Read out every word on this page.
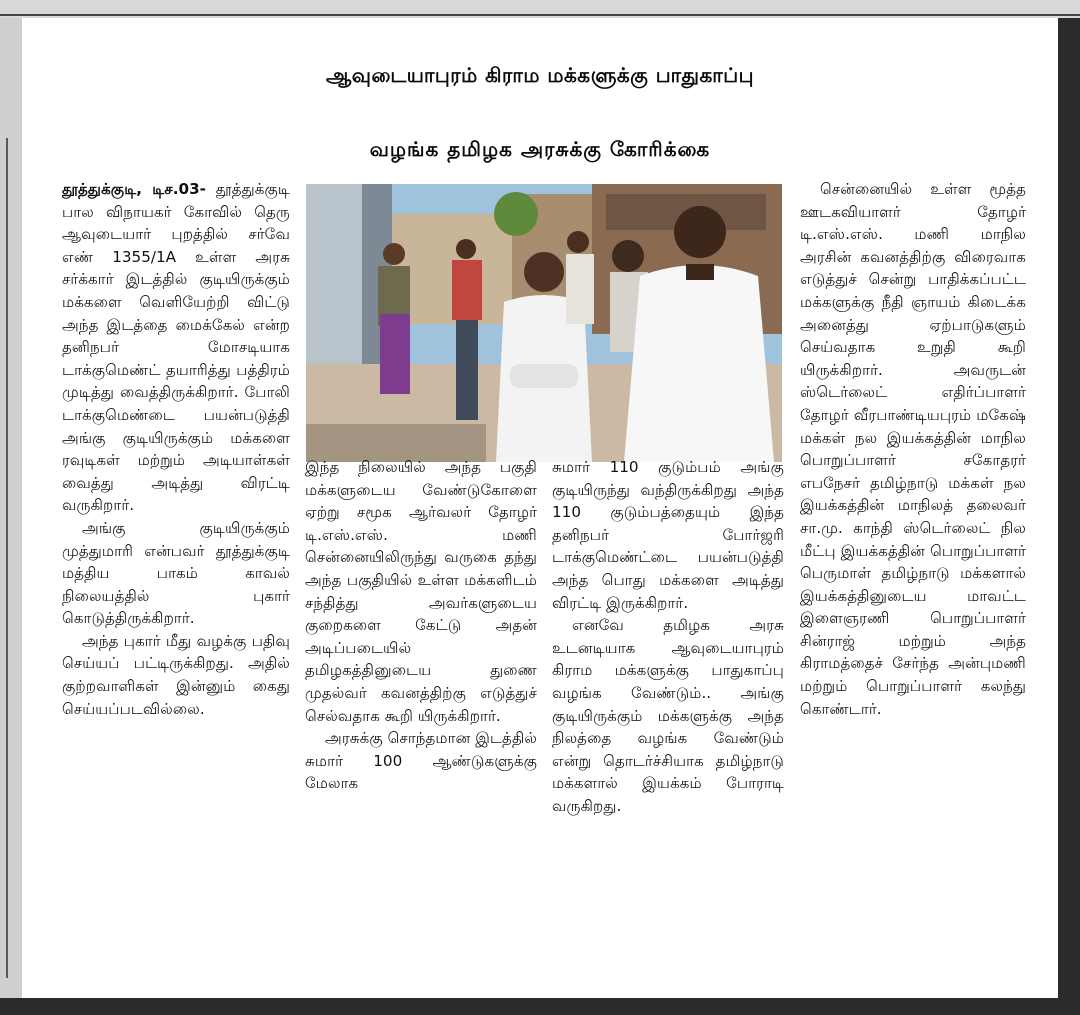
ஆவுடையாபுரம் கிராம மக்களுக்கு பாதுகாப்பு
வழங்க தமிழக அரசுக்கு கோரிக்கை

தூத்துக்குடி, டிச.03- தூத்துக்குடி பால விநாயகர் கோவில் தெரு ஆவுடையார் புறத்தில் சர்வே எண் 1355/1A உள்ள அரசு சர்க்கார் இடத்தில் குடியிருக்கும் மக்களை வெளியேற்றி விட்டு அந்த இடத்தை மைக்கேல் என்ற தனிநபர் மோசடியாக டாக்குமெண்ட் தயாரித்து பத்திரம் முடித்து வைத்திருக்கிறார். போலி டாக்குமெண்டை பயன்படுத்தி அங்கு குடியிருக்கும் மக்களை ரவுடிகள் மற்றும் அடியாள்கள் வைத்து அடித்து விரட்டி வருகிறார்.

அங்கு குடியிருக்கும் முத்துமாரி என்பவர் தூத்துக்குடி மத்திய பாகம் காவல் நிலையத்தில் புகார் கொடுத்திருக்கிறார்.

அந்த புகார் மீது வழக்கு பதிவு செய்யப் பட்டிருக்கிறது. அதில் குற்றவாளிகள் இன்னும் கைது செய்யப்படவில்லை.

இந்த நிலையில் அந்த பகுதி மக்களுடைய வேண்டுகோளை ஏற்று சமூக ஆர்வலர் தோழர் டி.எஸ்.எஸ். மணி சென்னையிலிருந்து வருகை தந்து அந்த பகுதியில் உள்ள மக்களிடம் சந்தித்து அவர்களுடைய குறைகளை கேட்டு அதன் அடிப்படையில் தமிழகத்தினுடைய துணை முதல்வர் கவனத்திற்கு எடுத்துச் செல்வதாக கூறி யிருக்கிறார்.

அரசுக்கு சொந்தமான இடத்தில் சுமார் 100 ஆண்டுகளுக்கு மேலாக

சுமார் 110 குடும்பம் அங்கு குடியிருந்து வந்திருக்கிறது அந்த 110 குடும்பத்தையும் இந்த தனிநபர் போர்ஜரி டாக்குமெண்ட்டை பயன்படுத்தி அந்த பொது மக்களை அடித்து விரட்டி இருக்கிறார்.

எனவே தமிழக அரசு உடனடியாக ஆவுடையாபுரம் கிராம மக்களுக்கு பாதுகாப்பு வழங்க வேண்டும்.. அங்கு குடியிருக்கும் மக்களுக்கு அந்த நிலத்தை வழங்க வேண்டும் என்று தொடர்ச்சியாக தமிழ்நாடு மக்களால் இயக்கம் போராடி வருகிறது.

சென்னையில் உள்ள மூத்த ஊடகவியாளர் தோழர் டி.எஸ்.எஸ். மணி மாநில அரசின் கவனத்திற்கு விரைவாக எடுத்துச் சென்று பாதிக்கப்பட்ட மக்களுக்கு நீதி ஞாயம் கிடைக்க அனைத்து ஏற்பாடுகளும் செய்வதாக உறுதி கூறி யிருக்கிறார். அவருடன் ஸ்டெர்லைட் எதிர்ப்பாளர் தோழர் வீரபாண்டியபுரம் மகேஷ் மக்கள் நல இயக்கத்தின் மாநில பொறுப்பாளர் சகோதரர் எபநேசர் தமிழ்நாடு மக்கள் நல இயக்கத்தின் மாநிலத் தலைவர் சா.மு. காந்தி ஸ்டெர்லைட் நில மீட்பு இயக்கத்தின் பொறுப்பாளர் பெருமாள் தமிழ்நாடு மக்களால் இயக்கத்தினுடைய மாவட்ட இளைஞரணி பொறுப்பாளர் சின்ராஜ் மற்றும் அந்த கிராமத்தைச் சேர்ந்த அன்புமணி மற்றும் பொறுப்பாளர் கலந்து கொண்டார்.
